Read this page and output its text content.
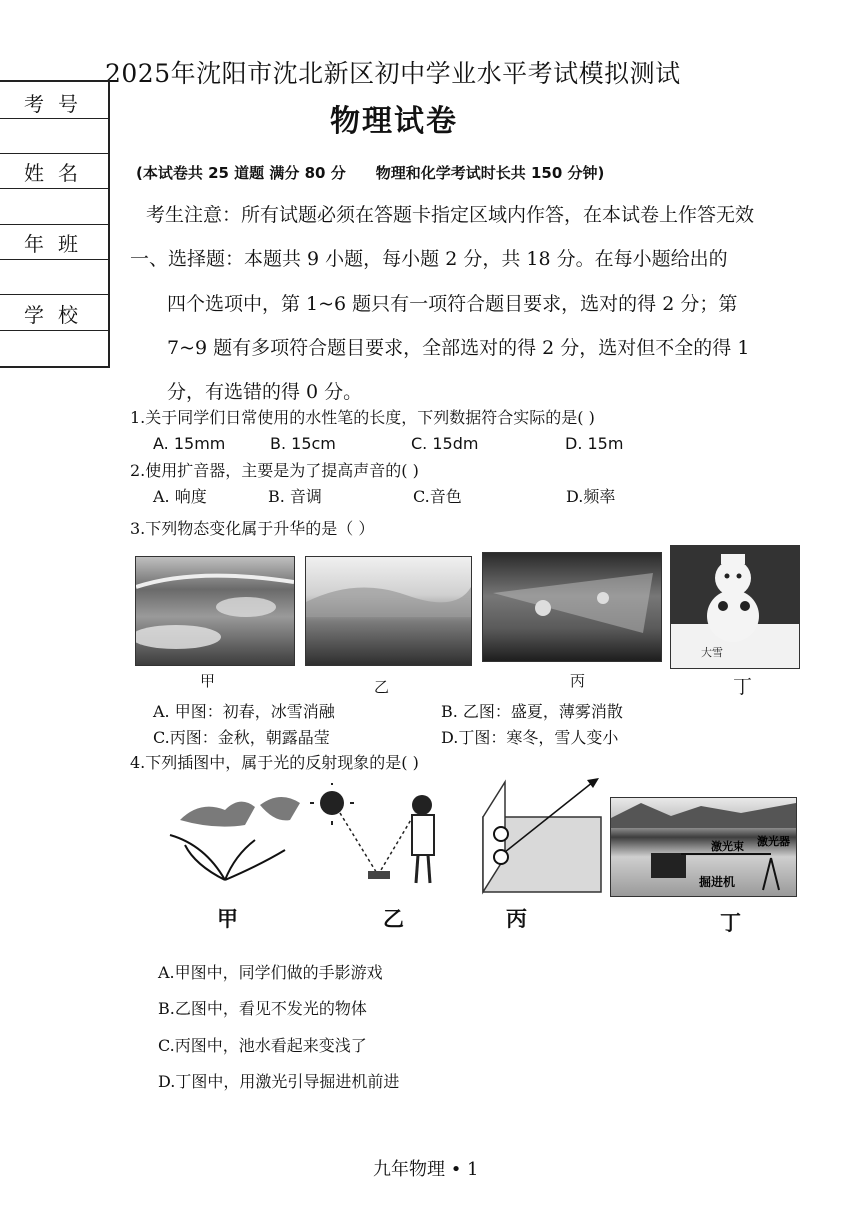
2025年沈阳市沈北新区初中学业水平考试模拟测试
物理试卷
(本试卷共 25 道题 满分 80 分 物理和化学考试时长共 150 分钟)
考号
姓名
年班
学校
考生注意：所有试题必须在答题卡指定区域内作答，在本试卷上作答无效
一、选择题：本题共 9 小题，每小题 2 分，共 18 分。在每小题给出的
四个选项中，第 1~6 题只有一项符合题目要求，选对的得 2 分；第
7~9 题有多项符合题目要求，全部选对的得 2 分，选对但不全的得 1
分，有选错的得 0 分。
1.关于同学们日常使用的水性笔的长度，下列数据符合实际的是( )
A. 15mm	B. 15cm	C. 15dm	D. 15m
2.使用扩音器，主要是为了提高声音的( )
A. 响度	B. 音调	C.音色	D.频率
3.下列物态变化属于升华的是（ ）
大雪
甲	乙	丙	丁
A. 甲图：初春，冰雪消融	B. 乙图：盛夏，薄雾消散
C.丙图：金秋，朝露晶莹	D.丁图：寒冬，雪人变小
4.下列插图中，属于光的反射现象的是( )
激光束 激光器
掘进机
甲	乙	丙	丁
A.甲图中，同学们做的手影游戏
B.乙图中，看见不发光的物体
C.丙图中，池水看起来变浅了
D.丁图中，用激光引导掘进机前进
九年物理 • 1
